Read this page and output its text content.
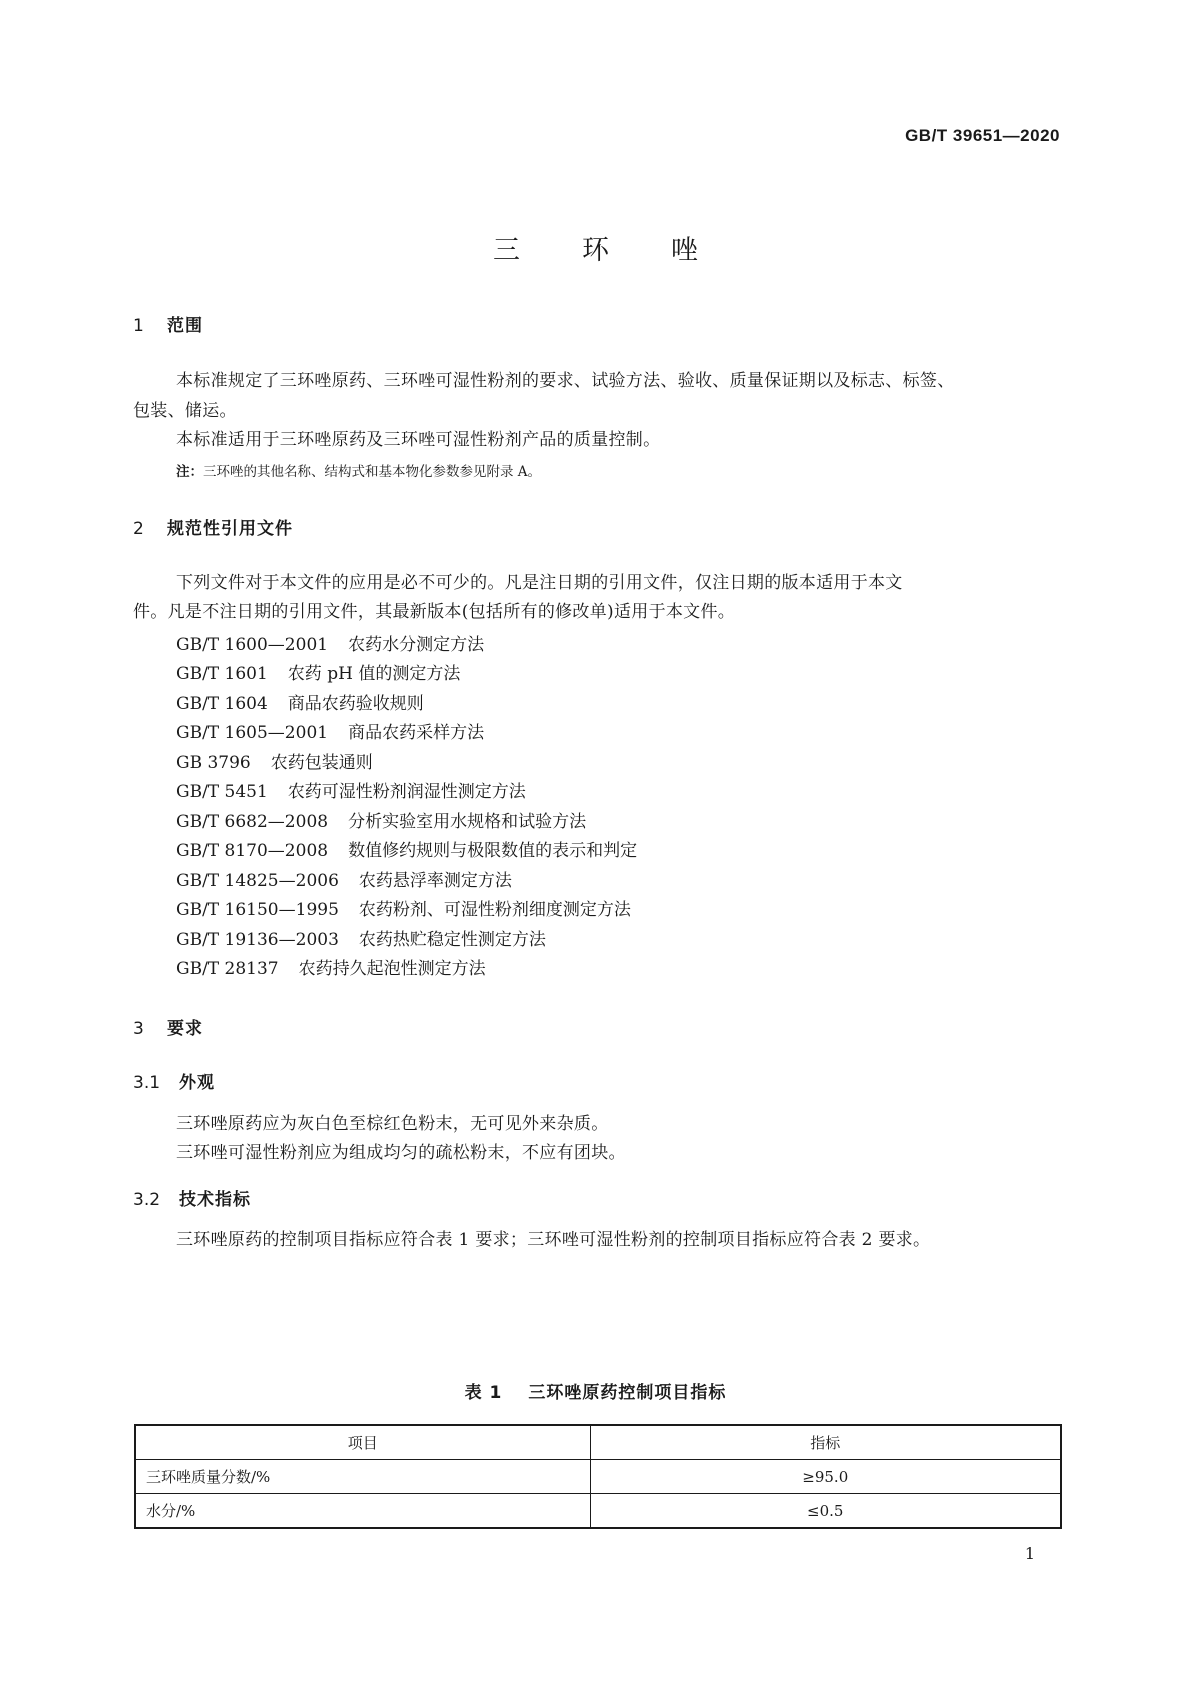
GB/T 39651—2020
三环唑
1 范围
本标准规定了三环唑原药、三环唑可湿性粉剂的要求、试验方法、验收、质量保证期以及标志、标签、
包装、储运。
本标准适用于三环唑原药及三环唑可湿性粉剂产品的质量控制。
注：三环唑的其他名称、结构式和基本物化参数参见附录 A。
2 规范性引用文件
下列文件对于本文件的应用是必不可少的。凡是注日期的引用文件，仅注日期的版本适用于本文
件。凡是不注日期的引用文件，其最新版本(包括所有的修改单)适用于本文件。
GB/T 1600—2001 农药水分测定方法
GB/T 1601 农药 pH 值的测定方法
GB/T 1604 商品农药验收规则
GB/T 1605—2001 商品农药采样方法
GB 3796 农药包装通则
GB/T 5451 农药可湿性粉剂润湿性测定方法
GB/T 6682—2008 分析实验室用水规格和试验方法
GB/T 8170—2008 数值修约规则与极限数值的表示和判定
GB/T 14825—2006 农药悬浮率测定方法
GB/T 16150—1995 农药粉剂、可湿性粉剂细度测定方法
GB/T 19136—2003 农药热贮稳定性测定方法
GB/T 28137 农药持久起泡性测定方法
3 要求
3.1 外观
三环唑原药应为灰白色至棕红色粉末，无可见外来杂质。
三环唑可湿性粉剂应为组成均匀的疏松粉末，不应有团块。
3.2 技术指标
三环唑原药的控制项目指标应符合表 1 要求；三环唑可湿性粉剂的控制项目指标应符合表 2 要求。
表 1 三环唑原药控制项目指标
项目	指标
三环唑质量分数/%	≥95.0
水分/%	≤0.5
1
